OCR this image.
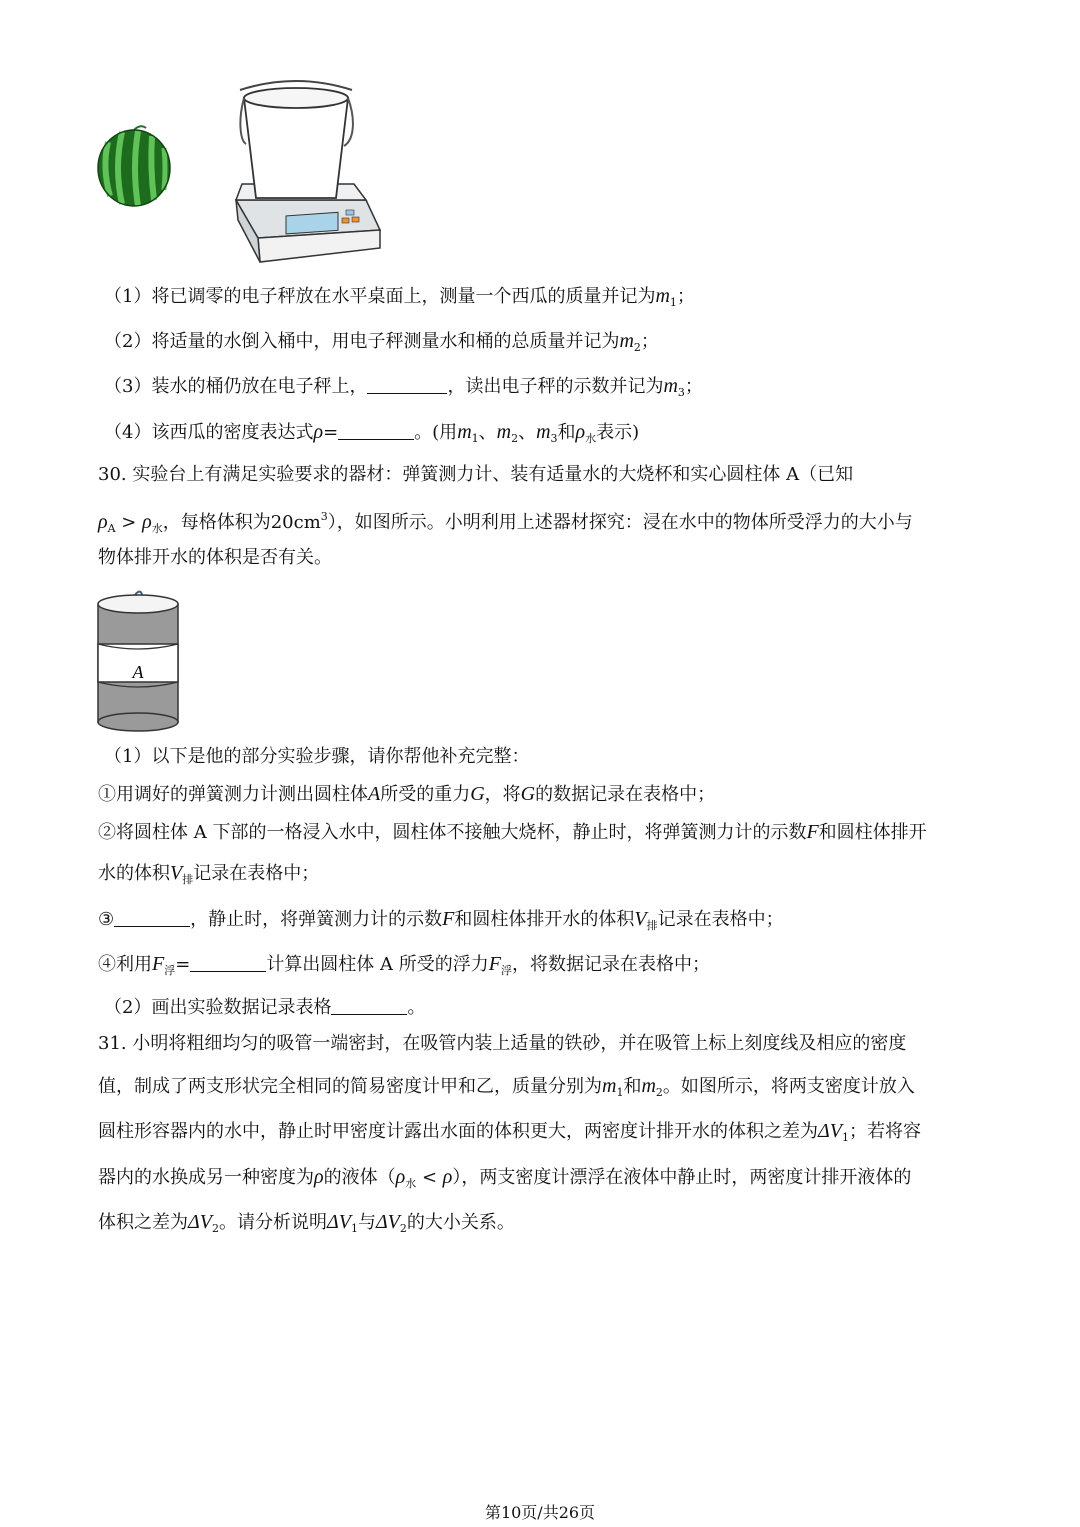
（1）将已调零的电子秤放在水平桌面上，测量一个西瓜的质量并记为$m_1$；
（2）将适量的水倒入桶中，用电子秤测量水和桶的总质量并记为$m_2$；
（3）装水的桶仍放在电子秤上，	，读出电子秤的示数并记为$m_3$；
（4）该西瓜的密度表达式ρ=	。(用$m_1$、$m_2$、$m_3$和$\rho_水$表示)
30. 实验台上有满足实验要求的器材：弹簧测力计、装有适量水的大烧杯和实心圆柱体 A（已知
$\rho_A > \rho_水$，每格体积为$20cm^3$），如图所示。小明利用上述器材探究：浸在水中的物体所受浮力的大小与
物体排开水的体积是否有关。
A
（1）以下是他的部分实验步骤，请你帮他补充完整：
①用调好的弹簧测力计测出圆柱体A所受的重力G，将G的数据记录在表格中；
②将圆柱体 A 下部的一格浸入水中，圆柱体不接触大烧杯，静止时，将弹簧测力计的示数F和圆柱体排开
水的体积$V_排$记录在表格中；
③	，静止时，将弹簧测力计的示数F和圆柱体排开水的体积$V_排$记录在表格中；
④利用$F_浮=$	计算出圆柱体 A 所受的浮力$F_浮$，将数据记录在表格中；
（2）画出实验数据记录表格	。
31. 小明将粗细均匀的吸管一端密封，在吸管内装上适量的铁砂，并在吸管上标上刻度线及相应的密度
值，制成了两支形状完全相同的简易密度计甲和乙，质量分别为$m_1$和$m_2$。如图所示，将两支密度计放入
圆柱形容器内的水中，静止时甲密度计露出水面的体积更大，两密度计排开水的体积之差为$\Delta V_1$；若将容
器内的水换成另一种密度为ρ的液体$(\rho_水 < \rho)$，两支密度计漂浮在液体中静止时，两密度计排开液体的
体积之差为$\Delta V_2$。请分析说明$\Delta V_1$与$\Delta V_2$的大小关系。
第10页/共26页
